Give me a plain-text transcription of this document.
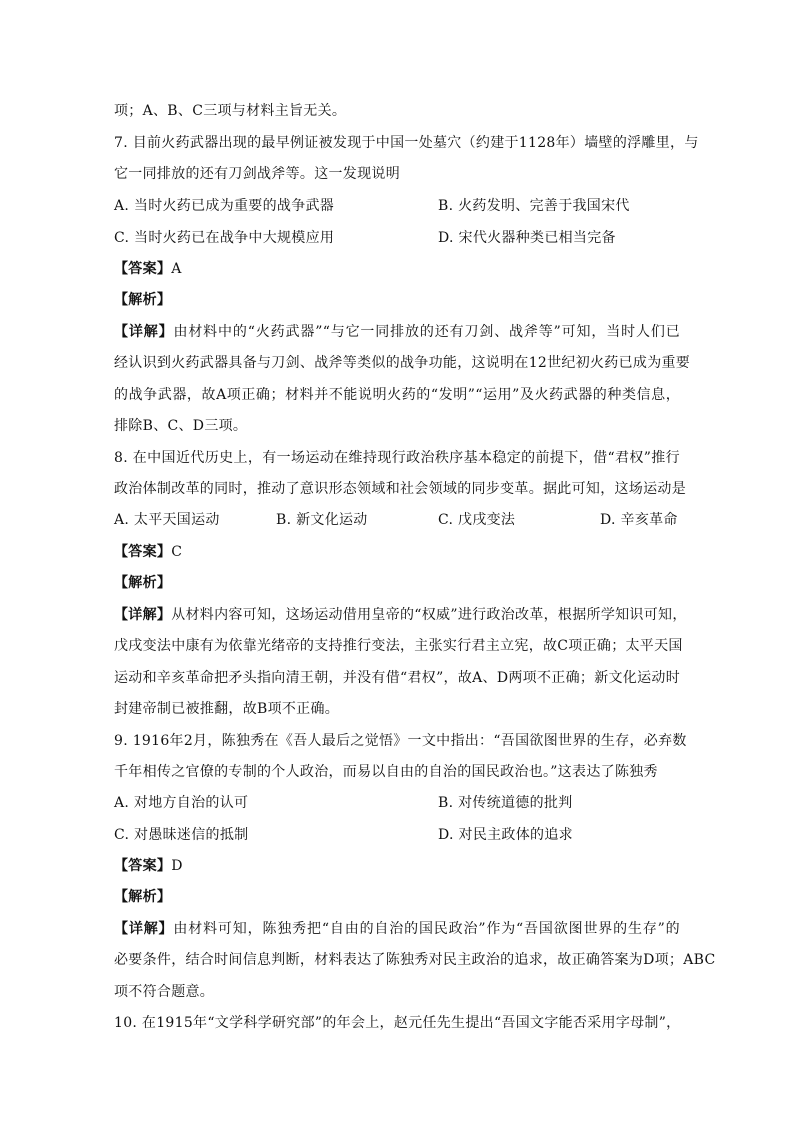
项；A、B、C三项与材料主旨无关。
7. 目前火药武器出现的最早例证被发现于中国一处墓穴（约建于1128年）墙壁的浮雕里，与
它一同排放的还有刀剑战斧等。这一发现说明
A. 当时火药已成为重要的战争武器	B. 火药发明、完善于我国宋代
C. 当时火药已在战争中大规模应用	D. 宋代火器种类已相当完备
【答案】A
【解析】
【详解】由材料中的“火药武器”“与它一同排放的还有刀剑、战斧等”可知，当时人们已
经认识到火药武器具备与刀剑、战斧等类似的战争功能，这说明在12世纪初火药已成为重要
的战争武器，故A项正确；材料并不能说明火药的“发明”“运用”及火药武器的种类信息，
排除B、C、D三项。
8. 在中国近代历史上，有一场运动在维持现行政治秩序基本稳定的前提下，借“君权”推行
政治体制改革的同时，推动了意识形态领域和社会领域的同步变革。据此可知，这场运动是
A. 太平天国运动	B. 新文化运动	C. 戊戌变法	D. 辛亥革命
【答案】C
【解析】
【详解】从材料内容可知，这场运动借用皇帝的“权威”进行政治改革，根据所学知识可知，
戊戌变法中康有为依靠光绪帝的支持推行变法，主张实行君主立宪，故C项正确；太平天国
运动和辛亥革命把矛头指向清王朝，并没有借“君权”，故A、D两项不正确；新文化运动时
封建帝制已被推翻，故B项不正确。
9. 1916年2月，陈独秀在《吾人最后之觉悟》一文中指出：“吾国欲图世界的生存，必弃数
千年相传之官僚的专制的个人政治，而易以自由的自治的国民政治也。”这表达了陈独秀
A. 对地方自治的认可	B. 对传统道德的批判
C. 对愚昧迷信的抵制	D. 对民主政体的追求
【答案】D
【解析】
【详解】由材料可知，陈独秀把“自由的自治的国民政治”作为“吾国欲图世界的生存”的
必要条件，结合时间信息判断，材料表达了陈独秀对民主政治的追求，故正确答案为D项；ABC
项不符合题意。
10. 在1915年“文学科学研究部”的年会上，赵元任先生提出“吾国文字能否采用字母制”，
